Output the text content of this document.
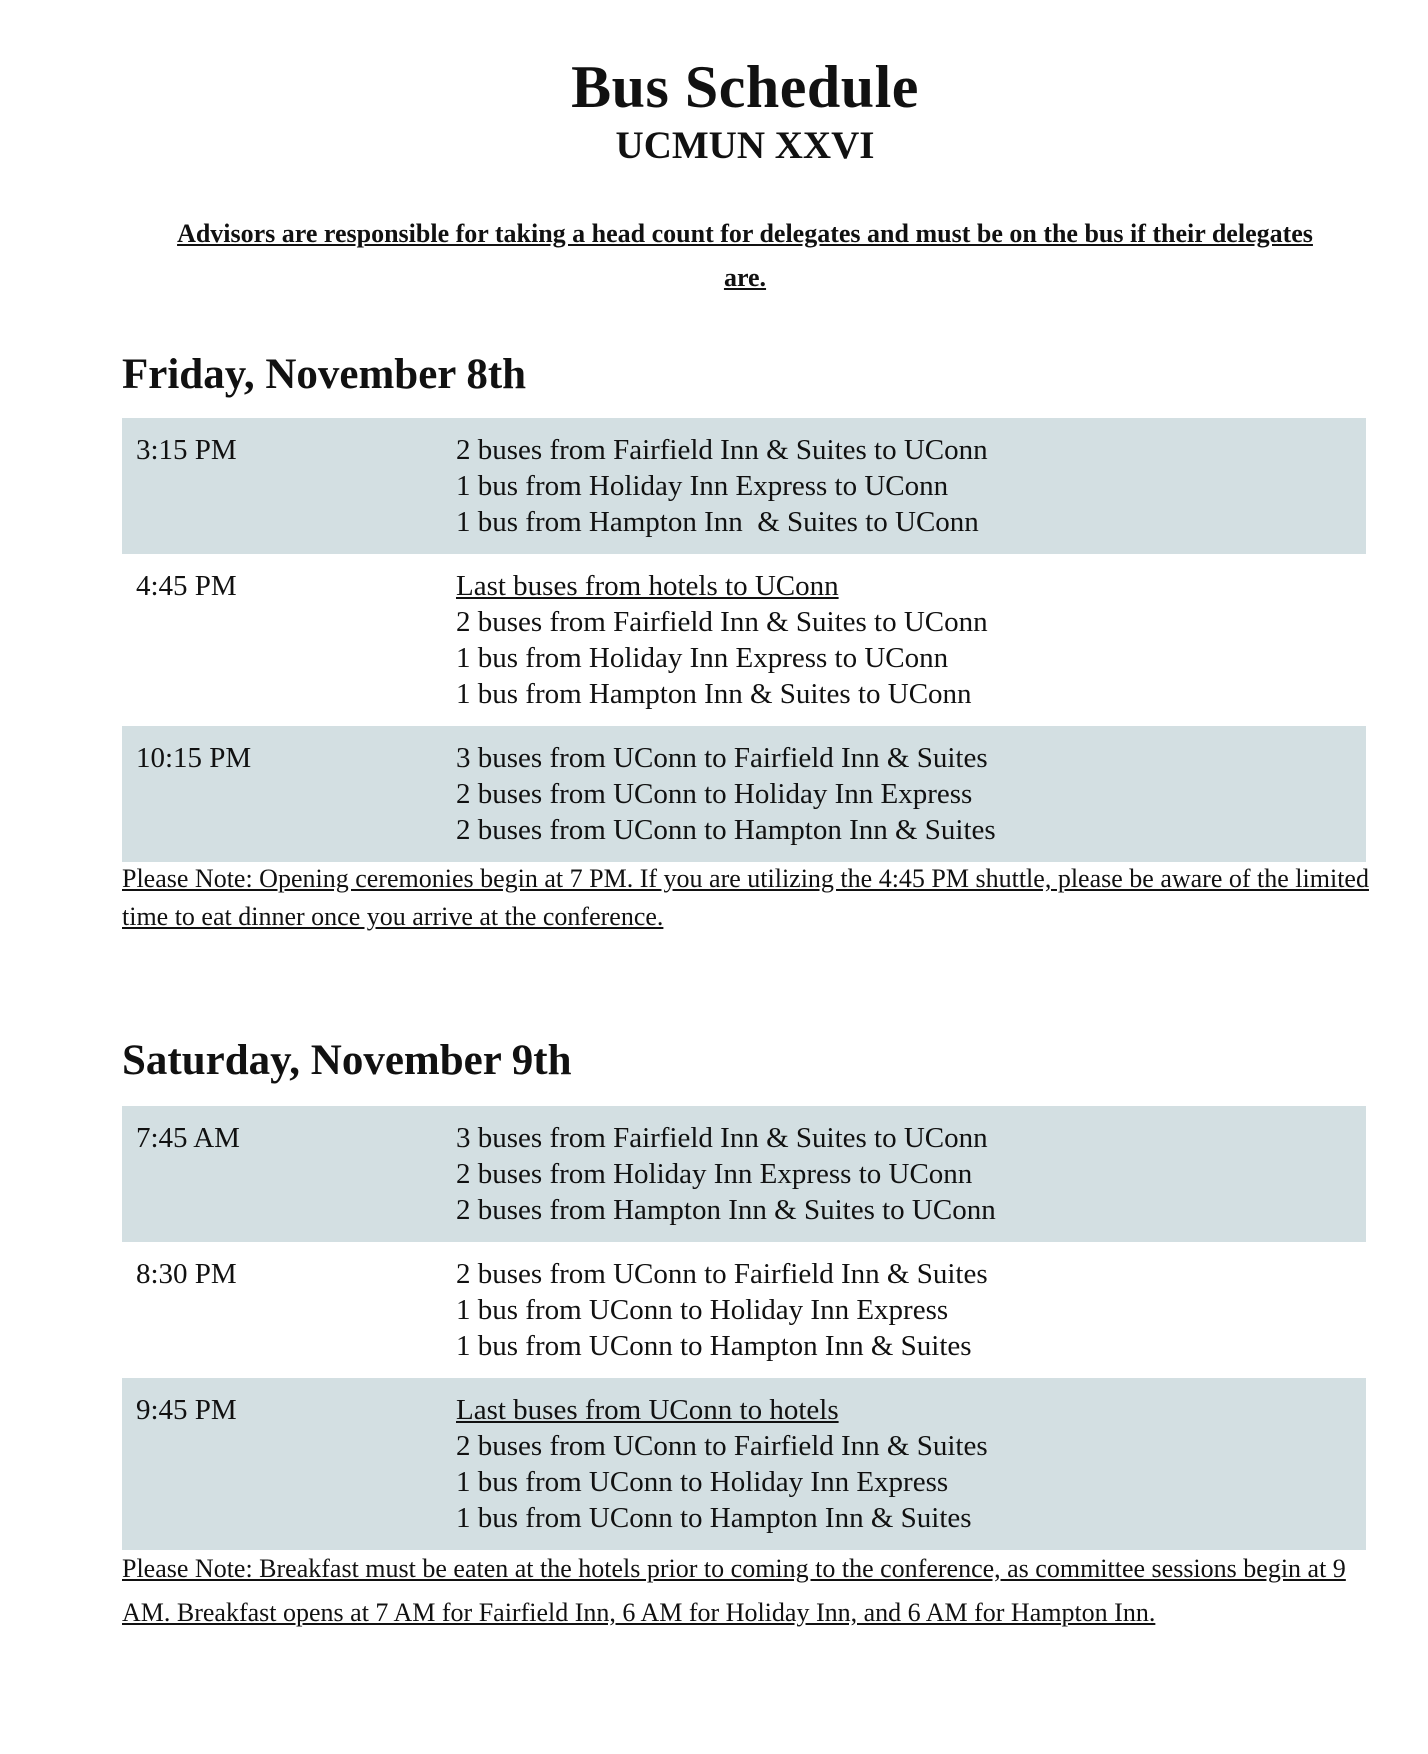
Bus Schedule
UCMUN XXVI
Advisors are responsible for taking a head count for delegates and must be on the bus if their delegates are.
Friday, November 8th
3:15 PM	2 buses from Fairfield Inn & Suites to UConn
1 bus from Holiday Inn Express to UConn
1 bus from Hampton Inn  & Suites to UConn

4:45 PM	Last buses from hotels to UConn
2 buses from Fairfield Inn & Suites to UConn
1 bus from Holiday Inn Express to UConn
1 bus from Hampton Inn & Suites to UConn

10:15 PM	3 buses from UConn to Fairfield Inn & Suites
2 buses from UConn to Holiday Inn Express
2 buses from UConn to Hampton Inn & Suites
Please Note: Opening ceremonies begin at 7 PM. If you are utilizing the 4:45 PM shuttle, please be aware of the limited time to eat dinner once you arrive at the conference.
Saturday, November 9th
7:45 AM	3 buses from Fairfield Inn & Suites to UConn
2 buses from Holiday Inn Express to UConn
2 buses from Hampton Inn & Suites to UConn

8:30 PM	2 buses from UConn to Fairfield Inn & Suites
1 bus from UConn to Holiday Inn Express
1 bus from UConn to Hampton Inn & Suites

9:45 PM	Last buses from UConn to hotels
2 buses from UConn to Fairfield Inn & Suites
1 bus from UConn to Holiday Inn Express
1 bus from UConn to Hampton Inn & Suites
Please Note: Breakfast must be eaten at the hotels prior to coming to the conference, as committee sessions begin at 9 AM. Breakfast opens at 7 AM for Fairfield Inn, 6 AM for Holiday Inn, and 6 AM for Hampton Inn.
